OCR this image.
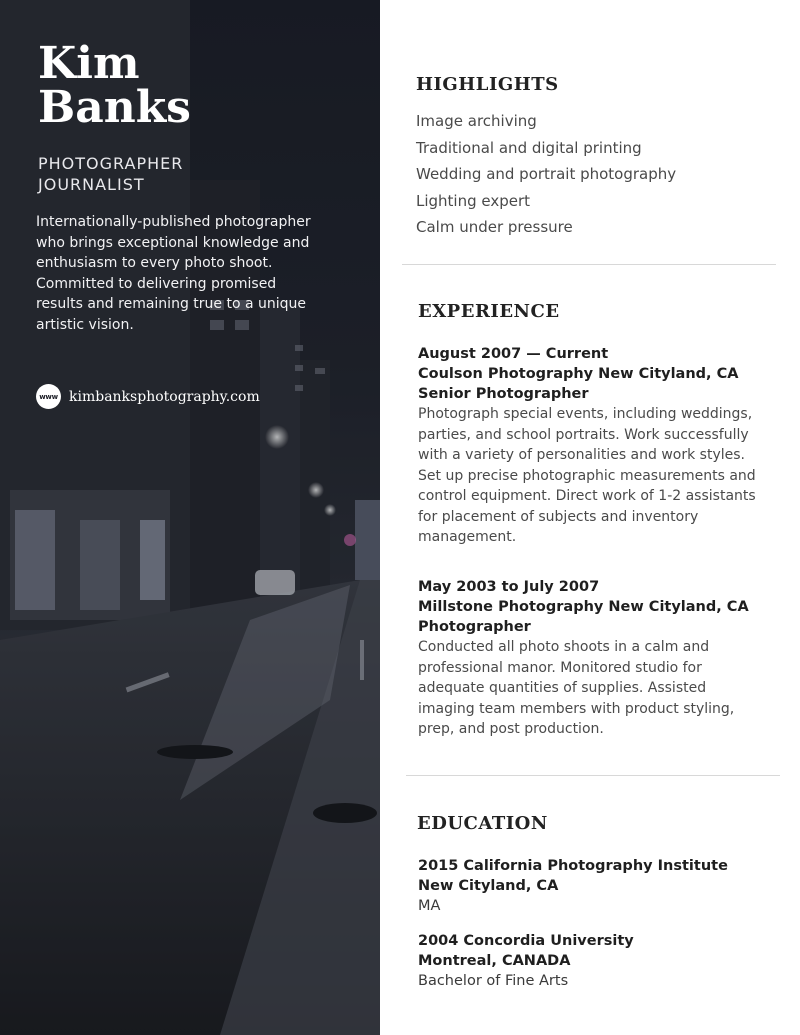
Kim
Banks
PHOTOGRAPHER
JOURNALIST

Internationally-published photographer who brings exceptional knowledge and enthusiasm to every photo shoot. Committed to delivering promised results and remaining true to a unique artistic vision.

www kimbanksphotography.com
HIGHLIGHTS
Image archiving
Traditional and digital printing
Wedding and portrait photography
Lighting expert
Calm under pressure
EXPERIENCE
August 2007 — Current
Coulson Photography New Cityland, CA
Senior Photographer
Photograph special events, including weddings, parties, and school portraits. Work successfully with a variety of personalities and work styles. Set up precise photographic measurements and control equipment. Direct work of 1-2 assistants for placement of subjects and inventory management.
May 2003 to July 2007
Millstone Photography New Cityland, CA
Photographer
Conducted all photo shoots in a calm and professional manor. Monitored studio for adequate quantities of supplies. Assisted imaging team members with product styling, prep, and post production.
EDUCATION
2015 California Photography Institute
New Cityland, CA
MA
2004 Concordia University
Montreal, CANADA
Bachelor of Fine Arts
